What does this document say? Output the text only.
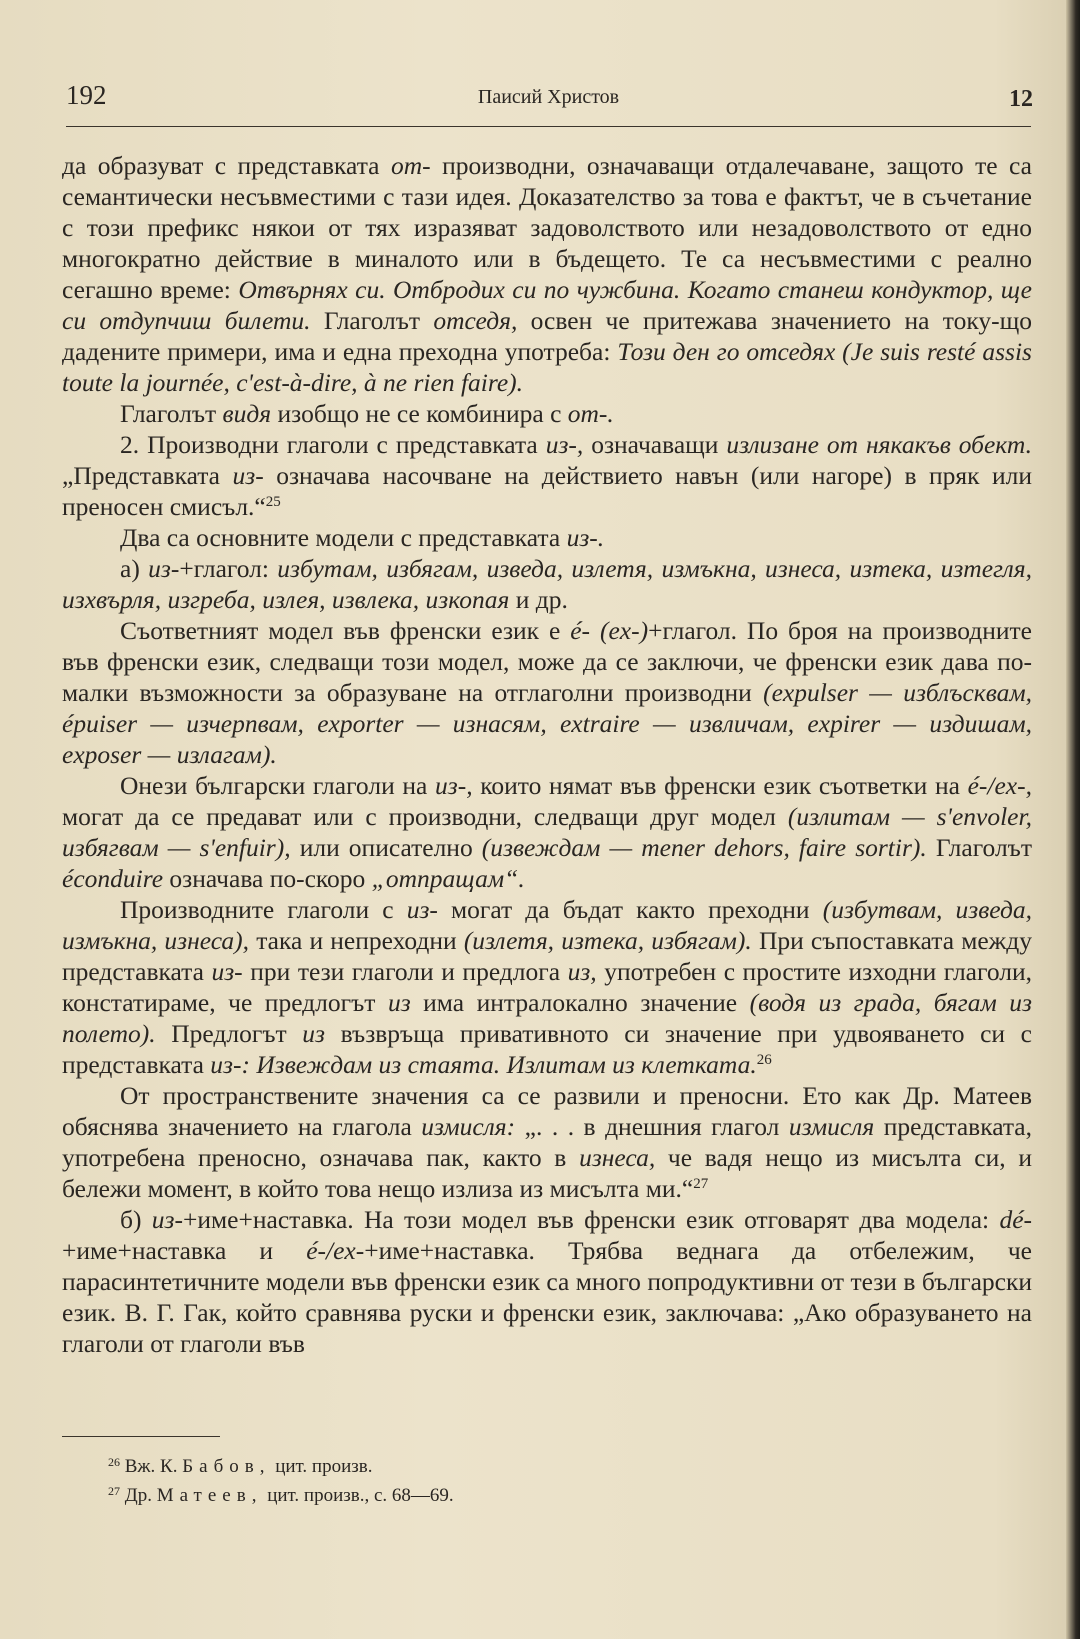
192	Паисий Христов	12

да образуват с представката от- производни, означаващи отдалечаване, защото те са семантически несъвместими с тази идея. Доказателство за това е фактът, че в съчетание с този префикс някои от тях изразяват задоволството или незадоволството от едно многократно действие в миналото или в бъдещето. Те са несъвместими с реално сегашно време: Отвърнях си. Отбродих си по чужбина. Когато станеш кондуктор, ще си отдупчиш билети. Глаголът отседя, освен че притежава значението на току-що дадените примери, има и една преходна употреба: Този ден го отседях (Je suis resté assis toute la journée, c'est-à-dire, à ne rien faire).

Глаголът видя изобщо не се комбинира с от-.

2. Производни глаголи с представката из-, означаващи излизане от някакъв обект. „Представката из- означава насочване на действието навън (или нагоре) в пряк или преносен смисъл.“$^{25}$

Два са основните модели с представката из-.

а) из-+глагол: избутам, избягам, изведа, излетя, измъкна, изнеса, изтека, изтегля, изхвърля, изгреба, излея, извлека, изкопая и др.

Съответният модел във френски език е é- (ex-)+глагол. По броя на производните във френски език, следващи този модел, може да се заключи, че френски език дава по-малки възможности за образуване на отглаголни производни (expulser — изблъсквам, épuiser — изчерпвам, exporter — изнасям, extraire — извличам, expirer — издишам, exposer — излагам).

Онези български глаголи на из-, които нямат във френски език съответки на é-/ex-, могат да се предават или с производни, следващи друг модел (излитам — s'envoler, избягвам — s'enfuir), или описателно (извеждам — mener dehors, faire sortir). Глаголът éconduire означава по-скоро „отпращам“.

Производните глаголи с из- могат да бъдат както преходни (избутвам, изведа, измъкна, изнеса), така и непреходни (излетя, изтека, избягам). При съпоставката между представката из- при тези глаголи и предлога из, употребен с простите изходни глаголи, констатираме, че предлогът из има интралокално значение (водя из града, бягам из полето). Предлогът из възвръща привативното си значение при удвояването си с представката из-: Извеждам из стаята. Излитам из клетката.$^{26}$

От пространствените значения са се развили и преносни. Ето как Др. Матеев обяснява значението на глагола измисля: „. . . в днешния глагол измисля представката, употребена преносно, означава пак, както в изнеса, че вадя нещо из мисълта си, и бележи момент, в който това нещо излиза из мисълта ми.“$^{27}$

б) из-+име+наставка. На този модел във френски език отговарят два модела: dé-+име+наставка и é-/ex-+име+наставка. Трябва веднага да отбележим, че парасинтетичните модели във френски език са много попродуктивни от тези в български език. В. Г. Гак, който сравнява руски и френски език, заключава: „Ако образуването на глаголи от глаголи във

$^{26}$ Вж. К. Бабов, цит. произв.
$^{27}$ Др. Матеев, цит. произв., с. 68—69.
